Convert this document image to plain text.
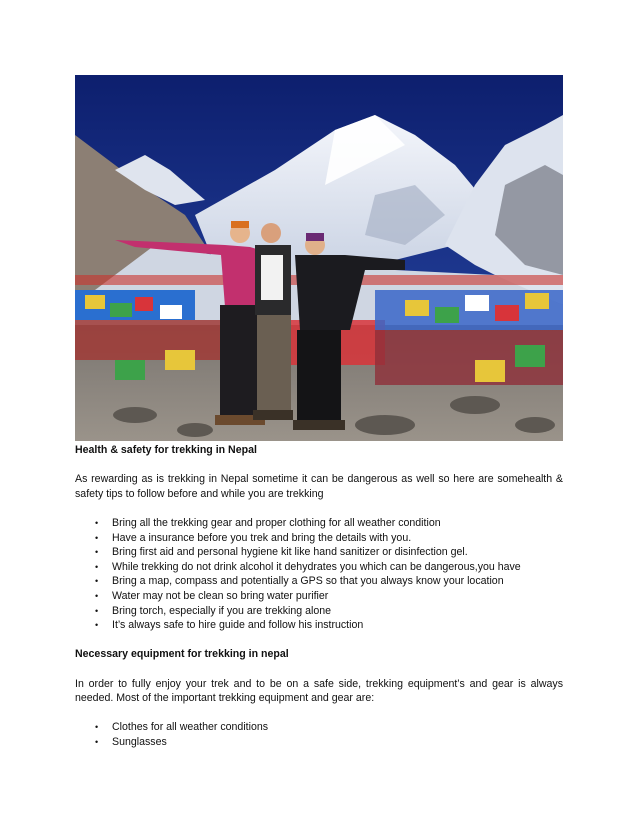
Health & safety for trekking in Nepal
As rewarding as is trekking in Nepal sometime it can be dangerous as well so here are somehealth & safety tips to follow before and while you are trekking
• Bring all the trekking gear and proper clothing for all weather condition
• Have a insurance before you trek and bring the details with you.
• Bring first aid and personal hygiene kit like hand sanitizer or disinfection gel.
• While trekking do not drink alcohol it dehydrates you which can be dangerous,you have
• Bring a map, compass and potentially a GPS so that you always know your location
• Water may not be clean so bring water purifier
• Bring torch, especially if you are trekking alone
• It’s always safe to hire guide and follow his instruction
Necessary equipment for trekking in nepal
In order to fully enjoy your trek and to be on a safe side, trekking equipment’s and gear is always needed. Most of the important trekking equipment and gear are:
• Clothes for all weather conditions
• Sunglasses
